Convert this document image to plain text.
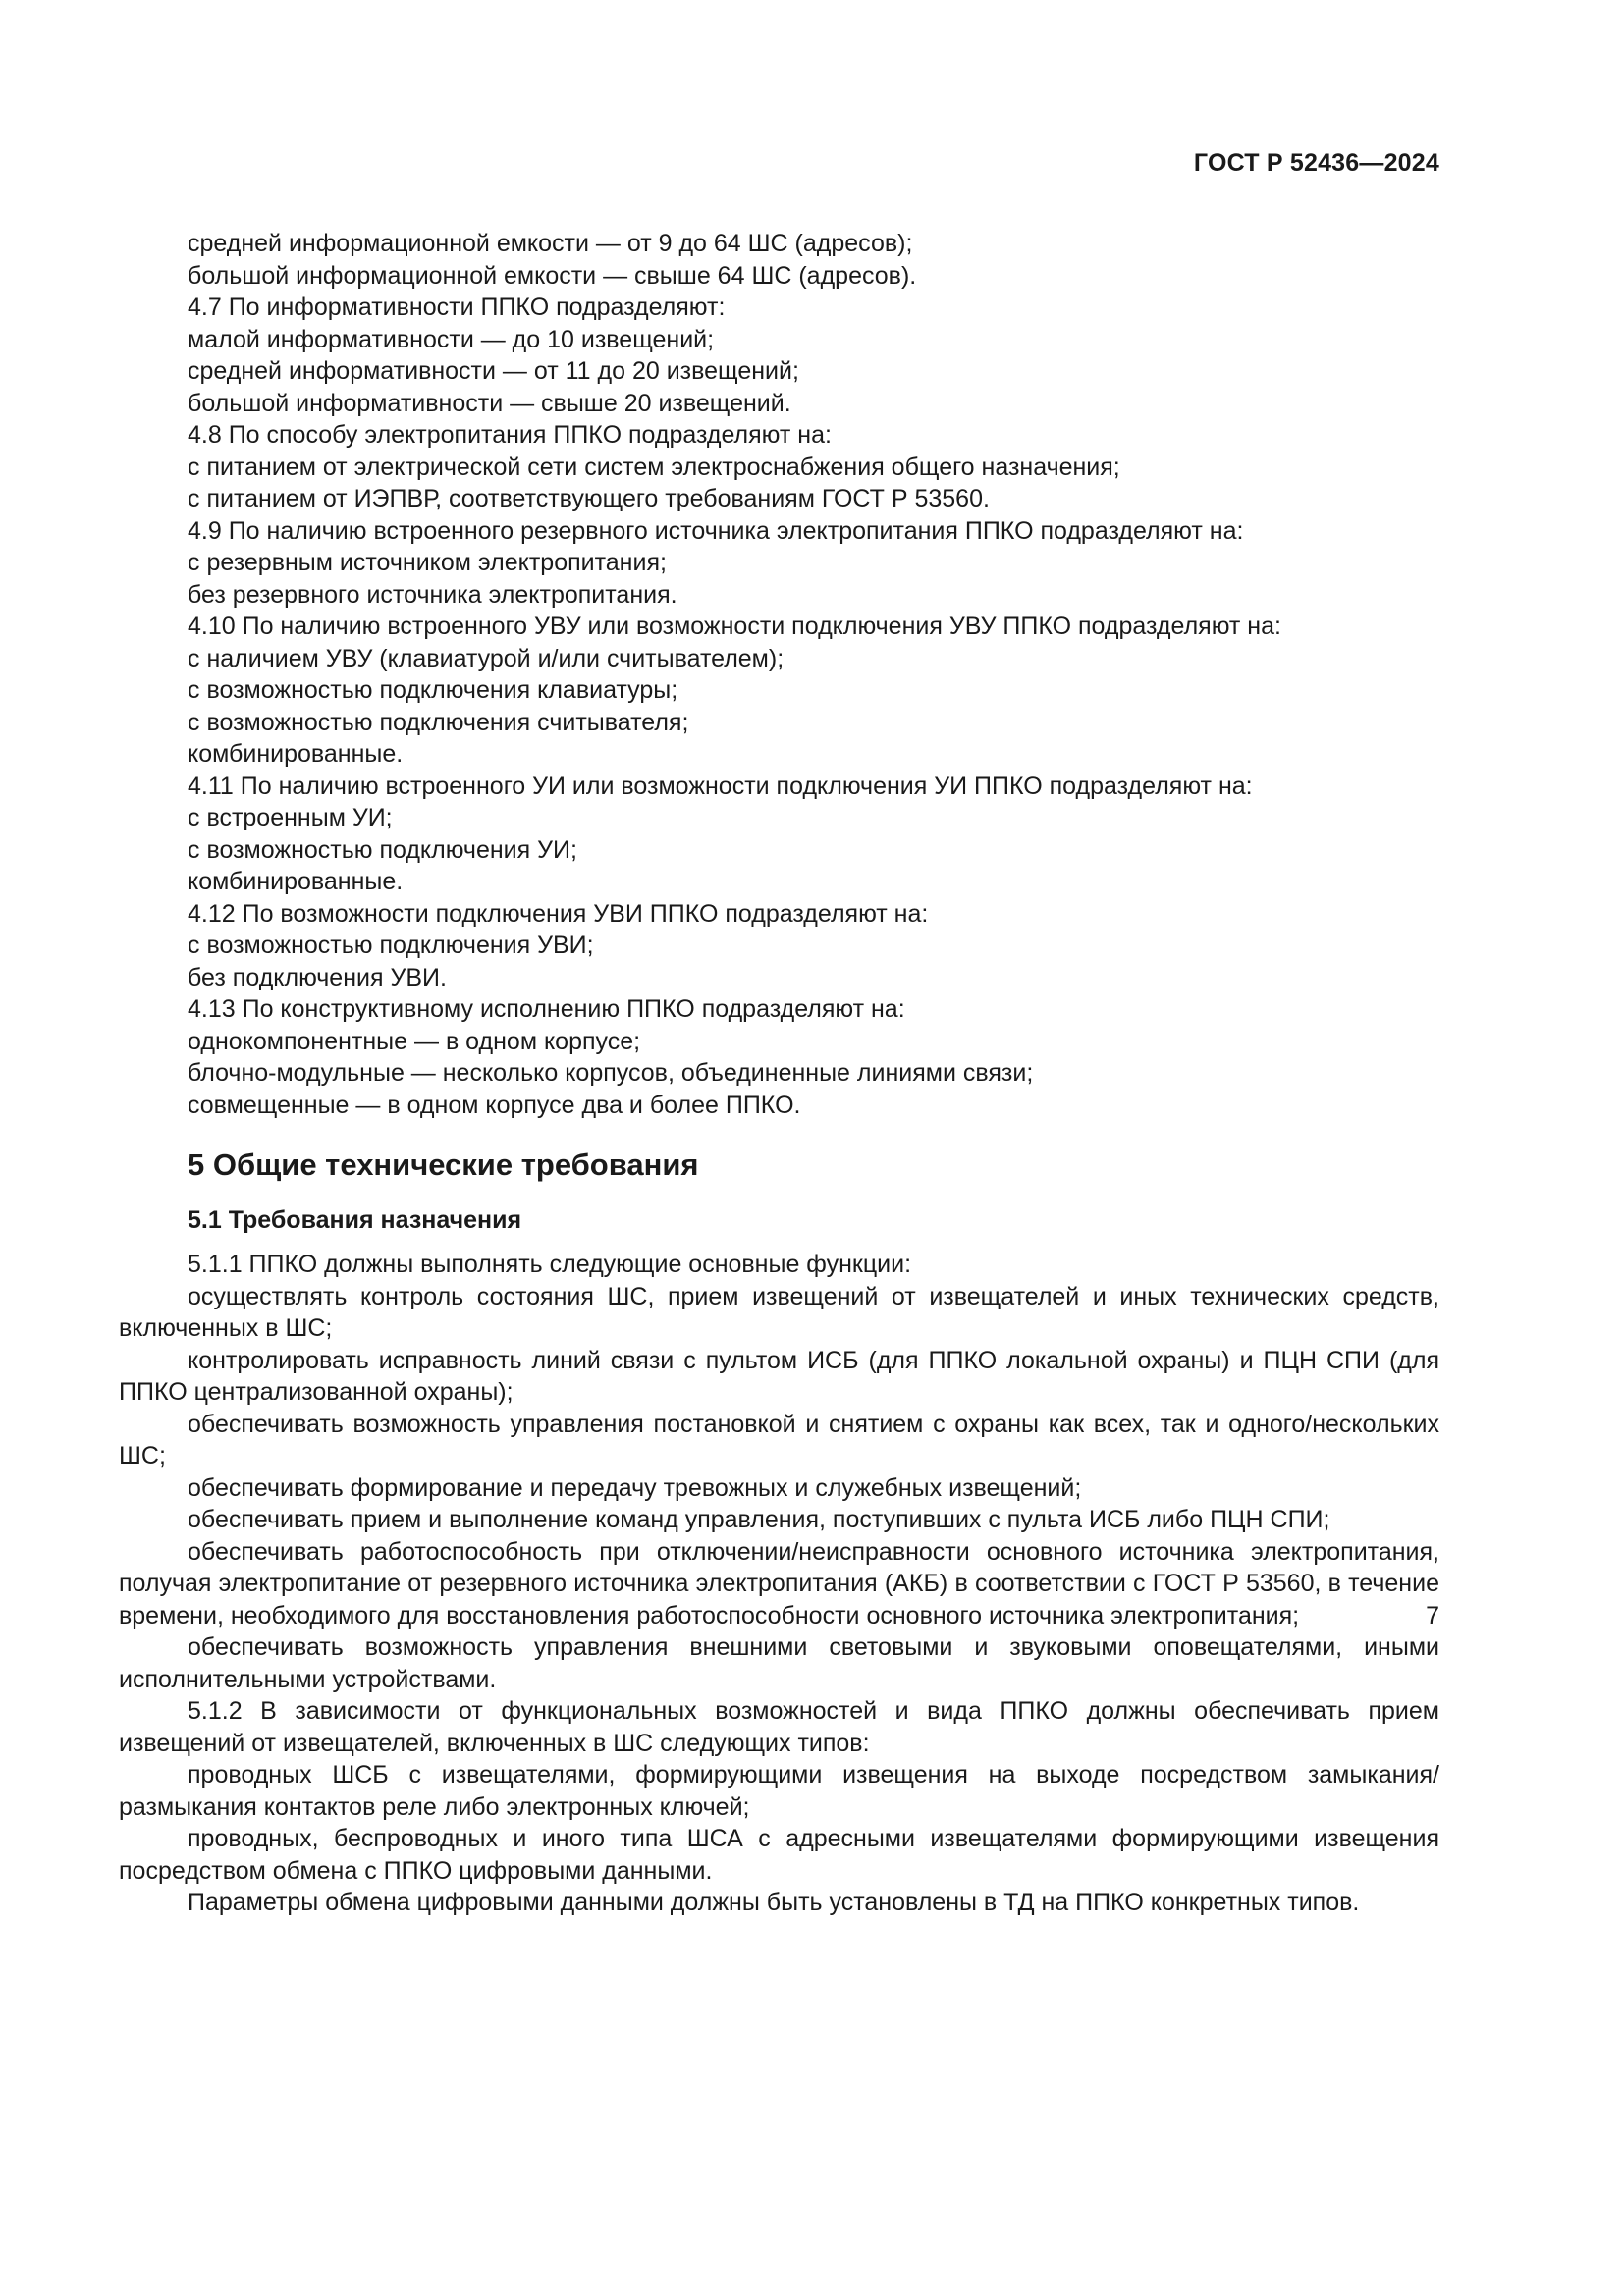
ГОСТ Р 52436—2024
средней информационной емкости — от 9 до 64 ШС (адресов);
большой информационной емкости — свыше 64 ШС (адресов).
4.7 По информативности ППКО подразделяют:
малой информативности — до 10 извещений;
средней информативности — от 11 до 20 извещений;
большой информативности — свыше 20 извещений.
4.8 По способу электропитания ППКО подразделяют на:
с питанием от электрической сети систем электроснабжения общего назначения;
с питанием от ИЭПВР, соответствующего требованиям ГОСТ Р 53560.
4.9 По наличию встроенного резервного источника электропитания ППКО подразделяют на:
с резервным источником электропитания;
без резервного источника электропитания.
4.10 По наличию встроенного УВУ или возможности подключения УВУ ППКО подразделяют на:
с наличием УВУ (клавиатурой и/или считывателем);
с возможностью подключения клавиатуры;
с возможностью подключения считывателя;
комбинированные.
4.11 По наличию встроенного УИ или возможности подключения УИ ППКО подразделяют на:
с встроенным УИ;
с возможностью подключения УИ;
комбинированные.
4.12 По возможности подключения УВИ ППКО подразделяют на:
с возможностью подключения УВИ;
без подключения УВИ.
4.13 По конструктивному исполнению ППКО подразделяют на:
однокомпонентные — в одном корпусе;
блочно-модульные — несколько корпусов, объединенные линиями связи;
совмещенные — в одном корпусе два и более ППКО.
5 Общие технические требования
5.1 Требования назначения
5.1.1 ППКО должны выполнять следующие основные функции:
осуществлять контроль состояния ШС, прием извещений от извещателей и иных технических средств, включенных в ШС;
контролировать исправность линий связи с пультом ИСБ (для ППКО локальной охраны) и ПЦН СПИ (для ППКО централизованной охраны);
обеспечивать возможность управления постановкой и снятием с охраны как всех, так и одного/нескольких ШС;
обеспечивать формирование и передачу тревожных и служебных извещений;
обеспечивать прием и выполнение команд управления, поступивших с пульта ИСБ либо ПЦН СПИ;
обеспечивать работоспособность при отключении/неисправности основного источника электропитания, получая электропитание от резервного источника электропитания (АКБ) в соответствии с ГОСТ Р 53560, в течение времени, необходимого для восстановления работоспособности основного источника электропитания;
обеспечивать возможность управления внешними световыми и звуковыми оповещателями, иными исполнительными устройствами.
5.1.2 В зависимости от функциональных возможностей и вида ППКО должны обеспечивать прием извещений от извещателей, включенных в ШС следующих типов:
проводных ШСБ с извещателями, формирующими извещения на выходе посредством замыкания/размыкания контактов реле либо электронных ключей;
проводных, беспроводных и иного типа ШСА с адресными извещателями формирующими извещения посредством обмена с ППКО цифровыми данными.
Параметры обмена цифровыми данными должны быть установлены в ТД на ППКО конкретных типов.
7
